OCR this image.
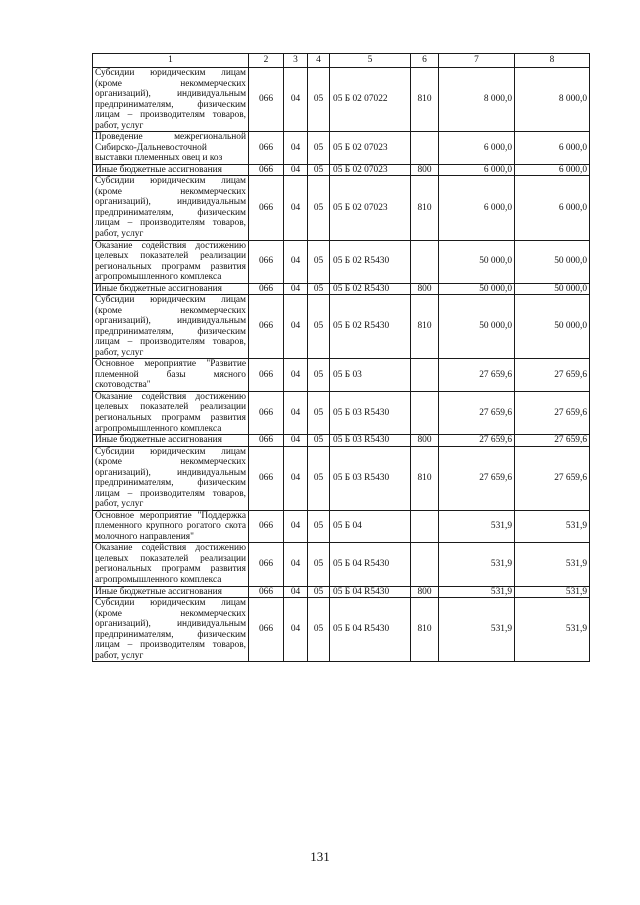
1	2	3	4	5	6	7	8
Субсидии юридическим лицам (кроме некоммерческих организаций), индивидуальным предпринимателям, физическим лицам – производителям товаров, работ, услуг	066	04	05	05 Б 02 07022	810	8 000,0	8 000,0
Проведение межрегиональной Сибирско-Дальневосточной выставки племенных овец и коз	066	04	05	05 Б 02 07023		6 000,0	6 000,0
Иные бюджетные ассигнования	066	04	05	05 Б 02 07023	800	6 000,0	6 000,0
Субсидии юридическим лицам (кроме некоммерческих организаций), индивидуальным предпринимателям, физическим лицам – производителям товаров, работ, услуг	066	04	05	05 Б 02 07023	810	6 000,0	6 000,0
Оказание содействия достижению целевых показателей реализации региональных программ развития агропромышленного комплекса	066	04	05	05 Б 02 R5430		50 000,0	50 000,0
Иные бюджетные ассигнования	066	04	05	05 Б 02 R5430	800	50 000,0	50 000,0
Субсидии юридическим лицам (кроме некоммерческих организаций), индивидуальным предпринимателям, физическим лицам – производителям товаров, работ, услуг	066	04	05	05 Б 02 R5430	810	50 000,0	50 000,0
Основное мероприятие "Развитие племенной базы мясного скотоводства"	066	04	05	05 Б 03		27 659,6	27 659,6
Оказание содействия достижению целевых показателей реализации региональных программ развития агропромышленного комплекса	066	04	05	05 Б 03 R5430		27 659,6	27 659,6
Иные бюджетные ассигнования	066	04	05	05 Б 03 R5430	800	27 659,6	27 659,6
Субсидии юридическим лицам (кроме некоммерческих организаций), индивидуальным предпринимателям, физическим лицам – производителям товаров, работ, услуг	066	04	05	05 Б 03 R5430	810	27 659,6	27 659,6
Основное мероприятие "Поддержка племенного крупного рогатого скота молочного направления"	066	04	05	05 Б 04		531,9	531,9
Оказание содействия достижению целевых показателей реализации региональных программ развития агропромышленного комплекса	066	04	05	05 Б 04 R5430		531,9	531,9
Иные бюджетные ассигнования	066	04	05	05 Б 04 R5430	800	531,9	531,9
Субсидии юридическим лицам (кроме некоммерческих организаций), индивидуальным предпринимателям, физическим лицам – производителям товаров, работ, услуг	066	04	05	05 Б 04 R5430	810	531,9	531,9
131
